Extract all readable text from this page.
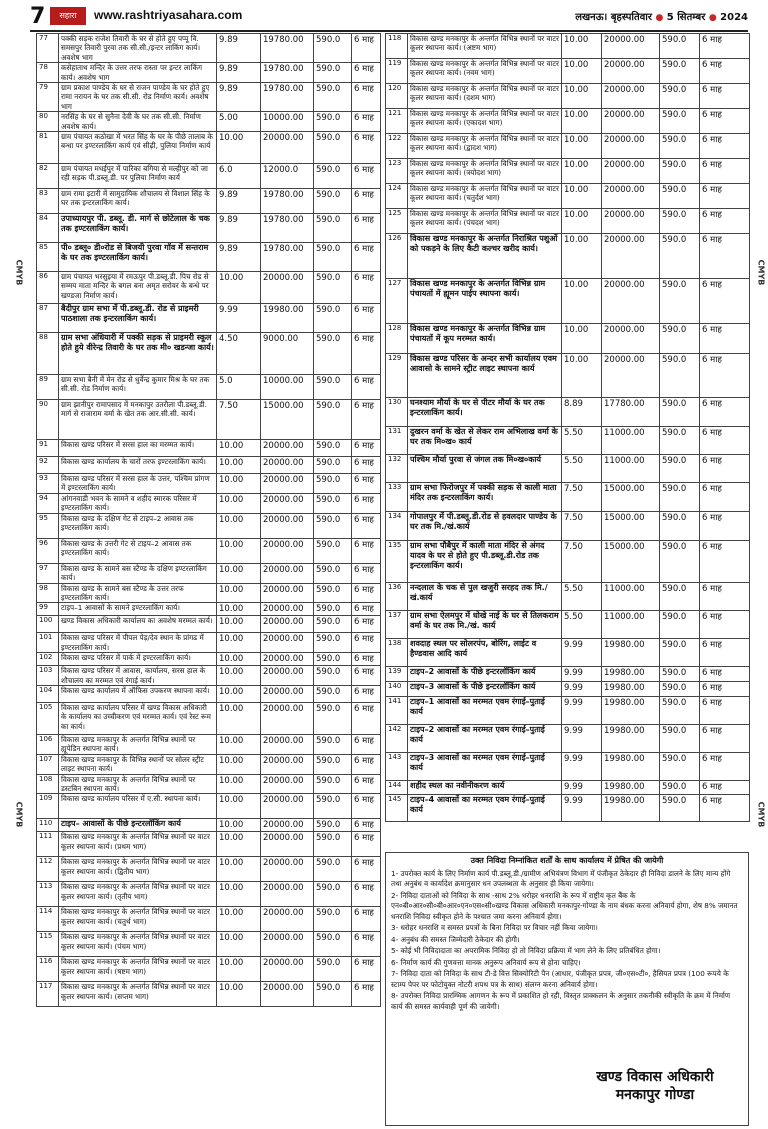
7	सहारा	www.rashtriyasahara.com	लखनऊ। बृहस्पतिवार ● 5 सितम्बर ● 2024
CMYB	CMYB
CMYB	CMYB
77	पक्की सड़क राजेश तिवारी के घर से होते हुए पप्पू वि. समसपुर तिवारी पुरवा तक सी.सी./इन्टर लाकिंग कार्य। अवशेष भाग	9.89	19780.00	590.0	6 माह
78	कसेहाताथ मन्दिर के उत्तर तरफ रास्ता पर इन्टर लाकिंग कार्य। अवशेष भाग	9.89	19780.00	590.0	6 माह
79	ग्राम प्रकाश पाण्डेय के घर से राजन पाण्डेय के घर होते हुए रामा नरायन के घर तक सी.सी. रोड निर्माण कार्य। अवशेष भाग	9.89	19780.00	590.0	6 माह
80	नरसिंह के घर से सुनैना देवी के घर तक सी.सी. निर्माण अवशेष कार्य।	5.00	10000.00	590.0	6 माह
81	ग्राम पंचायत कठोखा में भरत सिंह के घर के पीछे तालाब के बन्धा पर इण्टरलाकिंग कार्य एवं सीढ़ी, पुलिया निर्माण कार्य	10.00	20000.00	590.0	6 माह
82	ग्राम पंचायत मधईपुर में पारिका बगिया से मल्हीपुर को जा रही सड़क पी.डब्लू.डी. पर पुलिया निर्माण कार्य	6.0	12000.0	590.0	6 माह
83	ग्राम रामा इटारी में सामुदायिक शौचालय से विशाल सिंह के घर तक इन्टरलाकिंग कार्य।	9.89	19780.00	590.0	6 माह
84	उपाध्यायपुर पी. डब्लू. डी. मार्ग से छोटेलाल के चक तक इण्टरलाकिंग कार्य।	9.89	19780.00	590.0	6 माह
85	पी० डब्लू० डी०रोड से बिजयी पुरवा गॉव में सन्तराम के घर तक इण्टरलाकिंग कार्य।	9.89	19780.00	590.0	6 माह
86	ग्राम पंचायत भरसुइया में रमऊपुर पी.डब्लू.डी. पिच रोड से सम्मय माता मन्दिर के बगल बना अमृत सरोवर के बन्धे पर खण्डजा निर्माण कार्य।	10.00	20000.00	590.0	6 माह
87	बैदीपुर ग्राम सभा में पी.डब्लू.डी. रोड से प्राइमरी पाठशाला तक इन्टरलाकिंग कार्य।	9.99	19980.00	590.0	6 माह
88	ग्राम सभा अंधियारी में पक्की सड़क से प्राइमरी स्कूल होते हुये वीरेन्द्र तिवारी के घर तक मी० खडन्जा कार्य।	4.50	9000.00	590.0	6 माह
89	ग्राम सभा बैनी में मेन रोड से धुर्वेन्द्र कुमार मिश्र के घर तक सी.सी. रोड निर्माण कार्य।	5.0	10000.00	590.0	6 माह
90	ग्राम झानीपुर रामापसाद में मनकापुर उतरौला पी.डब्लू.डी. मार्ग से राजाराम वर्मा के खेत तक आर.सी.सी. कार्य।	7.50	15000.00	590.0	6 माह
91	विकास खण्ड परिसर में सरस हाल का मरम्मत कार्य।	10.00	20000.00	590.0	6 माह
92	विकास खण्ड कार्यालय के चारों तरफ इण्टरलाकिंग कार्य।	10.00	20000.00	590.0	6 माह
93	विकास खण्ड परिसर में सरस हाल के उत्तर, पश्चिम प्रांगण में इण्टरलाकिंग कार्य।	10.00	20000.00	590.0	6 माह
94	आंगनवाडी भवन के सामने व शहीद स्मारक परिसर में इण्टरलाकिंग कार्य।	10.00	20000.00	590.0	6 माह
95	विकास खण्ड के दक्षिण गेट से टाइप–2 आवास तक इण्टरलाकिंग कार्य।	10.00	20000.00	590.0	6 माह
96	विकास खण्ड के उत्तरी गेट से टाइप–2 आवास तक इण्टरलाकिंग कार्य।	10.00	20000.00	590.0	6 माह
97	विकास खण्ड के सामने बस स्टैण्ड के दक्षिण इण्टरलाकिंग कार्य।	10.00	20000.00	590.0	6 माह
98	विकास खण्ड के सामने बस स्टैण्ड के उत्तर तरफ इण्टरलाकिंग कार्य।	10.00	20000.00	590.0	6 माह
99	टाइप–1 आवासों के सामने इण्टरलाकिंग कार्य।	10.00	20000.00	590.0	6 माह
100	खण्ड विकास अधिकारी कार्यालय का अवशेष मरम्मत कार्य।	10.00	20000.00	590.0	6 माह
101	विकास खण्ड परिसर में पीपल पेड़/देव स्थान के प्रांगढ में इण्टरलाकिंग कार्य।	10.00	20000.00	590.0	6 माह
102	विकास खण्ड परिसर में पार्क में इण्टरलाकिंग कार्य।	10.00	20000.00	590.0	6 माह
103	विकास खण्ड परिसर में आवास, कार्यालय, सरस हाल के शौचालय का मरम्मत एवं रंगाई कार्य।	10.00	20000.00	590.0	6 माह
104	विकास खण्ड कार्यालय में ऑफिस उपकरण स्थापना कार्य।	10.00	20000.00	590.0	6 माह
105	विकास खण्ड कार्यालय परिसर में खण्ड विकास अधिकारी के कार्यालय का उच्चीकरण एवं मरम्मत कार्य। एवं रेस्ट रूम का कार्य।	10.00	20000.00	590.0	6 माह
106	विकास खण्ड मनकापुर के अन्तर्गत विभिन्न स्थानों पर ह्यूपेडिन स्थापना कार्य।	10.00	20000.00	590.0	6 माह
107	विकास खण्ड मनकापुर के विभिन्न स्थानों पर सोलर स्ट्रीट लाइट स्थापना कार्य।	10.00	20000.00	590.0	6 माह
108	विकास खण्ड मनकापुर के अन्तर्गत विभिन्न स्थानों पर डस्टबिन स्थापना कार्य।	10.00	20000.00	590.0	6 माह
109	विकास खण्ड कार्यालय परिसर में ए.सी. स्थापना कार्य।	10.00	20000.00	590.0	6 माह
110	टाइप– आवासों के पीछे इन्टरलॉकिंग कार्य	10.00	20000.00	590.0	6 माह
111	विकास खण्ड मनकापुर के अन्तर्गत विभिन्न स्थानों पर वाटर कूलर स्थापना कार्य। (प्रथम भाग)	10.00	20000.00	590.0	6 माह
112	विकास खण्ड मनकापुर के अन्तर्गत विभिन्न स्थानों पर वाटर कूलर स्थापना कार्य। (द्वितीय भाग)	10.00	20000.00	590.0	6 माह
113	विकास खण्ड मनकापुर के अन्तर्गत विभिन्न स्थानों पर वाटर कूलर स्थापना कार्य। (तृतीय भाग)	10.00	20000.00	590.0	6 माह
114	विकास खण्ड मनकापुर के अन्तर्गत विभिन्न स्थानों पर वाटर कूलर स्थापना कार्य। (चतुर्थ भाग)	10.00	20000.00	590.0	6 माह
115	विकास खण्ड मनकापुर के अन्तर्गत विभिन्न स्थानों पर वाटर कूलर स्थापना कार्य। (पंचम भाग)	10.00	20000.00	590.0	6 माह
116	विकास खण्ड मनकापुर के अन्तर्गत विभिन्न स्थानों पर वाटर कूलर स्थापना कार्य। (षष्टम भाग)	10.00	20000.00	590.0	6 माह
117	विकास खण्ड मनकापुर के अन्तर्गत विभिन्न स्थानों पर वाटर कूलर स्थापना कार्य। (सप्तम भाग)	10.00	20000.00	590.0	6 माह
118	विकास खण्ड मनकापुर के अन्तर्गत विभिन्न स्थानों पर वाटर कूलर स्थापना कार्य। (अष्टम भाग)	10.00	20000.00	590.0	6 माह
119	विकास खण्ड मनकापुर के अन्तर्गत विभिन्न स्थानों पर वाटर कूलर स्थापना कार्य। (नवम भाग)	10.00	20000.00	590.0	6 माह
120	विकास खण्ड मनकापुर के अन्तर्गत विभिन्न स्थानों पर वाटर कूलर स्थापना कार्य। (दशम भाग)	10.00	20000.00	590.0	6 माह
121	विकास खण्ड मनकापुर के अन्तर्गत विभिन्न स्थानों पर वाटर कूलर स्थापना कार्य। (एकादश भाग)	10.00	20000.00	590.0	6 माह
122	विकास खण्ड मनकापुर के अन्तर्गत विभिन्न स्थानों पर वाटर कूलर स्थापना कार्य। (द्वादश भाग)	10.00	20000.00	590.0	6 माह
123	विकास खण्ड मनकापुर के अन्तर्गत विभिन्न स्थानों पर वाटर कूलर स्थापना कार्य। (त्रयोदश भाग)	10.00	20000.00	590.0	6 माह
124	विकास खण्ड मनकापुर के अन्तर्गत विभिन्न स्थानों पर वाटर कूलर स्थापना कार्य। (चतुर्दश भाग)	10.00	20000.00	590.0	6 माह
125	विकास खण्ड मनकापुर के अन्तर्गत विभिन्न स्थानों पर वाटर कूलर स्थापना कार्य। (पंचदश भाग)	10.00	20000.00	590.0	6 माह
126	विकास खण्ड मनकापुर के अन्तर्गत निराश्रित पशुओं को पकड़ने के लिए कैटी कल्चर खरीद कार्य।	10.00	20000.00	590.0	6 माह
127	विकास खण्ड मनकापुर के अन्तर्गत विभिन्न ग्राम पंचायतों में ह्यूमन पाईप स्थापना कार्य।	10.00	20000.00	590.0	6 माह
128	विकास खण्ड मनकापुर के अन्तर्गत विभिन्न ग्राम पंचायतों में कूप मरम्मत कार्य।	10.00	20000.00	590.0	6 माह
129	विकास खण्ड परिसर के अन्दर सभी कार्यालय एवम आवासो के सामने स्ट्रीट लाइट स्थापना कार्य	10.00	20000.00	590.0	6 माह
130	घनश्याम मौर्या के घर से पीटर मौर्या के घर तक इन्टरलाकिंग कार्य।	8.89	17780.00	590.0	6 माह
131	दुखरन वर्मा के खेत से लेकर राम अभिलाख वर्मा के घर तक मि०ख० कार्य	5.50	11000.00	590.0	6 माह
132	पश्चिम मौर्या पुरवा से जंगल तक मि०ख०कार्य	5.50	11000.00	590.0	6 माह
133	ग्राम सभा फिरोजपुर में पक्की सड़क से काली माता मंदिर तक इन्टरलाकिंग कार्य।	7.50	15000.00	590.0	6 माह
134	गोपालपुर में पी.डब्लू.डी.रोड से हवलदार पाण्डेय के घर तक मि./खं.कार्य	7.50	15000.00	590.0	6 माह
135	ग्राम सभा पौबैपुर में काली माता मंदिर से अंगद यादव के घर से होते हुए पी.डब्लू.डी.रोड तक इन्टरलाकिंग कार्य।	7.50	15000.00	590.0	6 माह
136	नन्दलाल के चक से पुल खजुरी सरहद तक मि./खं.कार्य	5.50	11000.00	590.0	6 माह
137	ग्राम सभा ऐलमपुर में धोखे नाई के घर से तिलकराम वर्मा के घर तक मि./खं. कार्य	5.50	11000.00	590.0	6 माह
138	शवदाह स्थल पर सोलरपंप, बोरिंग, लाईट व हैण्डवास आदि कार्य	9.99	19980.00	590.0	6 माह
139	टाइप–2 आवासों के पीछे इन्टरलॉकिंग कार्य	9.99	19980.00	590.0	6 माह
140	टाइप–3 आवासों के पीछे इन्टरलॉकिंग कार्य	9.99	19980.00	590.0	6 माह
141	टाइप–1 आवासों का मरम्मत एवम रंगाई–पुताई कार्य	9.99	19980.00	590.0	6 माह
142	टाइप–2 आवासों का मरम्मत एवम रंगाई–पुताई कार्य	9.99	19980.00	590.0	6 माह
143	टाइप–3 आवासों का मरम्मत एवम रंगाई–पुताई कार्य	9.99	19980.00	590.0	6 माह
144	शहीद स्थल का नवीनीकरण कार्य	9.99	19980.00	590.0	6 माह
145	टाइप–4 आवासों का मरम्मत एवम रंगाई–पुताई कार्य	9.99	19980.00	590.0	6 माह
उक्त निविदा निम्नांकित शर्तों के साथ कार्यालय में प्रेषित की जायेगी

1- उपरोक्त कार्य के लिए निर्माण कार्य पी.डब्लू.डी./ग्रामीण अभियंत्रण विभाग में पंजीकृत ठेकेदार ही निविदा डालने के लिए मान्य होंगे तथा अनुबंध व कार्यादेश क्रमानुसार धन उपलब्धता के अनुसार ही किया जायेगा।

2- निविदा दाताओं को निविदा के साथ -साथ 2% धरोहर धनराशि के रूप में राष्ट्रीय कृत बैंक के एन०बी०आर०सी०बी०आर०एन०एस०सी०खण्ड विकास अधिकारी मनकापुर-गोण्डा के नाम बंधक करना अनिवार्य होगा, शेष 8% जमानत धनराशि निविदा स्वीकृत होने के पश्चात जमा करना अनिवार्य होगा।

3- धरोहर धनराशि व समस्त प्रपत्रों के बिना निविदा पर विचार नहीं किया जायेगा।

4- अनुबंध की समस्त जिम्मेदारी ठेकेदार की होगी।

5- कोई भी निविदादाता का अपरामिक निविदा हो तो निविदा प्रक्रिया में भाग लेने के लिए प्रतिबंधित होगा।

6- निर्माण कार्य की गुणवत्ता मानक अनुरूप अनिवार्य रूप से होना चाहिए।

7- निविदा दाता को निविदा के साथ टी-डे वित्त सिक्योरिटी पैन (आधार, पंजीकृत प्रपत्र, जी०एस०टी०, हैसियत प्रपत्र (100 रूपये के स्टाम्प पेपर पर फोटोयुक्त नोटरी शपथ पत्र के साथ) संलग्न करना अनिवार्य होगा।

8- उपरोक्त निविदा प्रारम्भिक आगणन के रूप में प्रकाशित हो रही, विस्तृत प्राक्कलन के अनुसार तकनीकी स्वीकृति के क्रम में निर्माण कार्य की समस्त कार्यवाही पूर्ण की जायेगी।

खण्ड विकास अधिकारी
मनकापुर गोण्डा
